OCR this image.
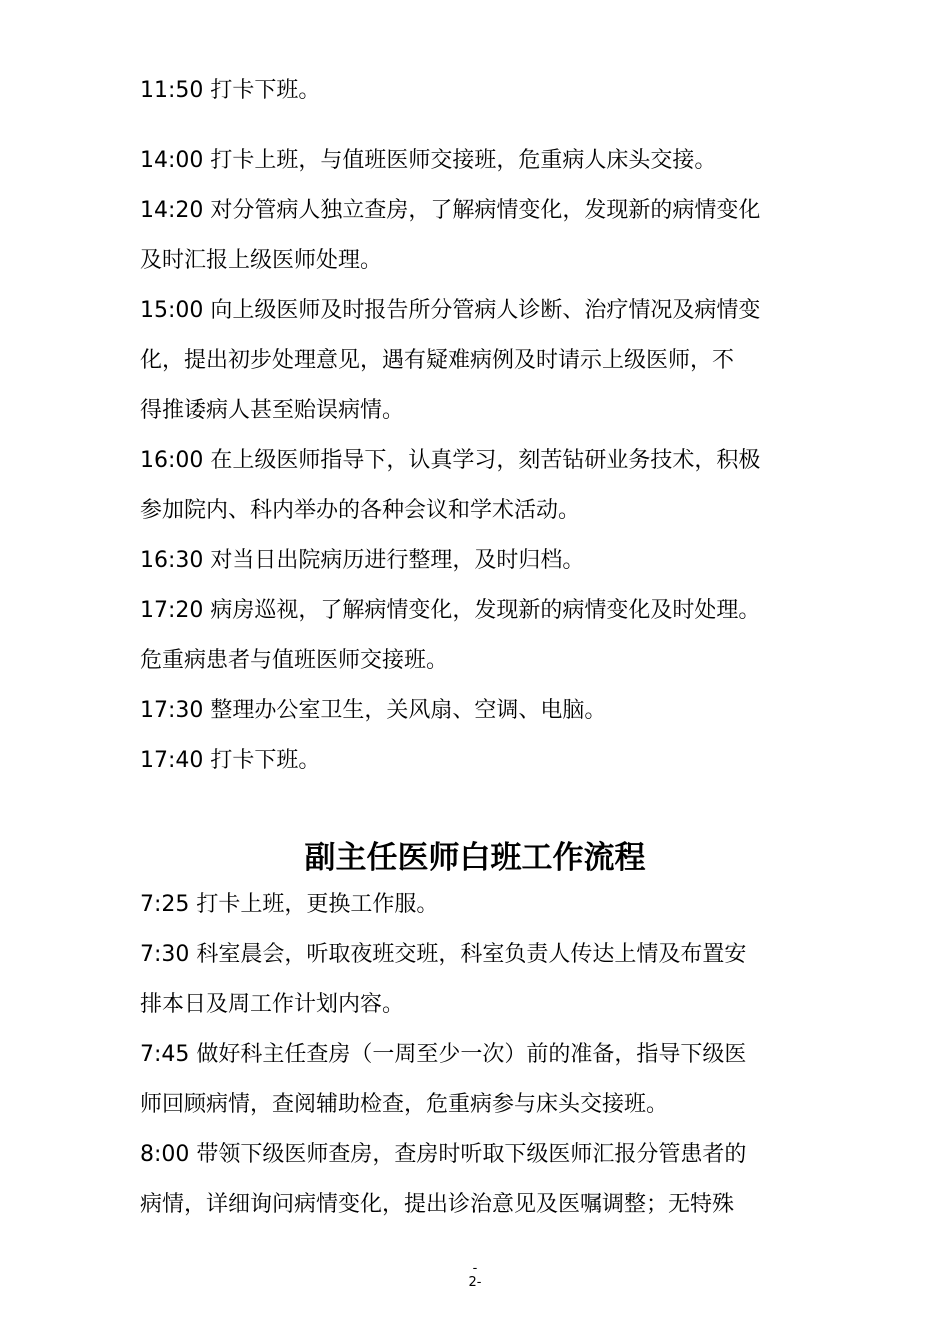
11:50 打卡下班。
14:00 打卡上班，与值班医师交接班，危重病人床头交接。
14:20 对分管病人独立查房，了解病情变化，发现新的病情变化
及时汇报上级医师处理。
15:00 向上级医师及时报告所分管病人诊断、治疗情况及病情变
化，提出初步处理意见，遇有疑难病例及时请示上级医师，不
得推诿病人甚至贻误病情。
16:00 在上级医师指导下，认真学习，刻苦钻研业务技术，积极
参加院内、科内举办的各种会议和学术活动。
16:30 对当日出院病历进行整理，及时归档。
17:20 病房巡视，了解病情变化，发现新的病情变化及时处理。
危重病患者与值班医师交接班。
17:30 整理办公室卫生，关风扇、空调、电脑。
17:40 打卡下班。
副主任医师白班工作流程
7:25 打卡上班，更换工作服。
7:30 科室晨会，听取夜班交班，科室负责人传达上情及布置安
排本日及周工作计划内容。
7:45 做好科主任查房（一周至少一次）前的准备，指导下级医
师回顾病情，查阅辅助检查，危重病参与床头交接班。
8:00 带领下级医师查房，查房时听取下级医师汇报分管患者的
病情，详细询问病情变化，提出诊治意见及医嘱调整；无特殊
-
2-
